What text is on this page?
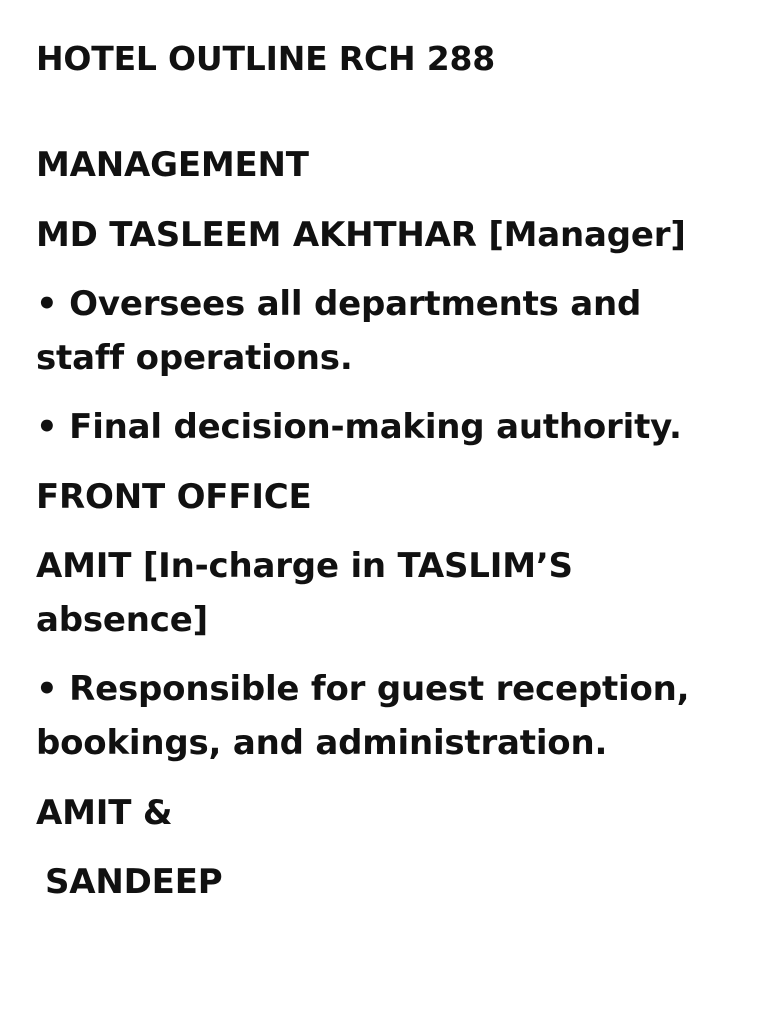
HOTEL OUTLINE RCH 288

MANAGEMENT

MD TASLEEM AKHTHAR [Manager]

• Oversees all departments and

staff operations.

• Final decision-making authority.

FRONT OFFICE

AMIT [In-charge in TASLIM’S

absence]

• Responsible for guest reception,

bookings, and administration.

AMIT &

SANDEEP
